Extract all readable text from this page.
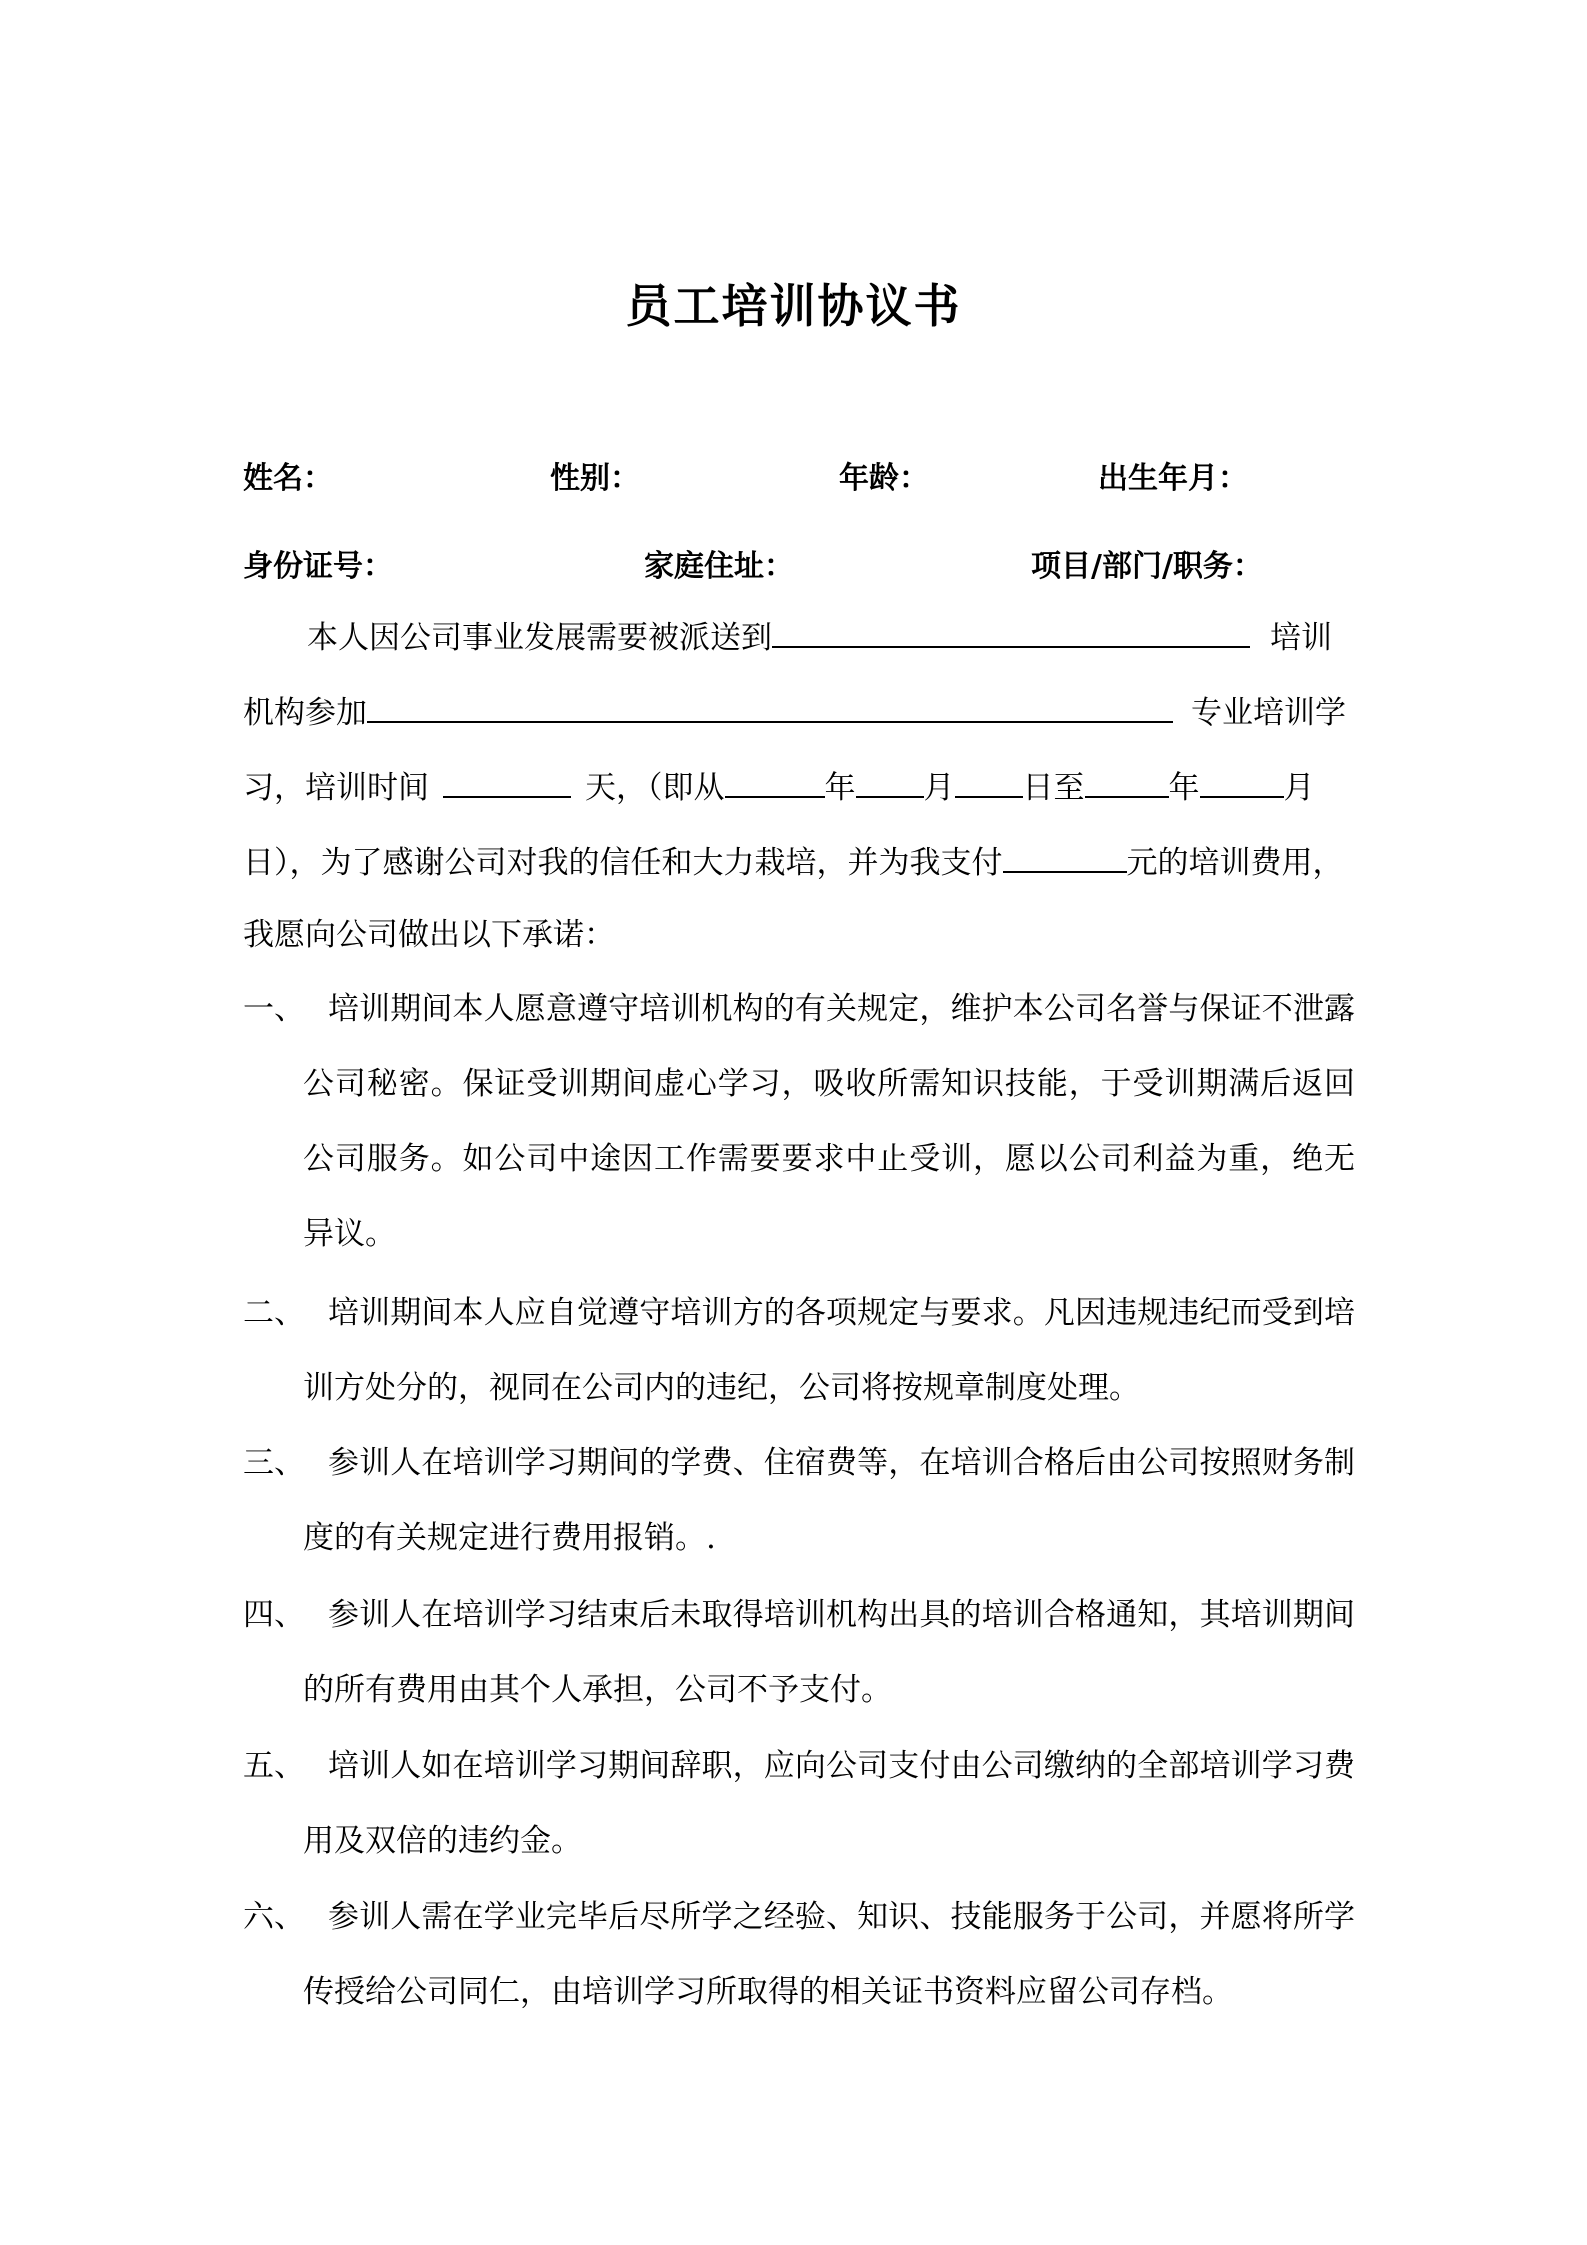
员工培训协议书
姓名：	性别：	年龄：	出生年月：
身份证号：	家庭住址：	项目/部门/职务：
本人因公司事业发展需要被派送到	培训
机构参加	专业培训学
习，培训时间	天，（即从	年 月 日至	年	月
日），为了感谢公司对我的信任和大力栽培，并为我支付	元的培训费用，
我愿向公司做出以下承诺：
一、 培训期间本人愿意遵守培训机构的有关规定，维护本公司名誉与保证不泄露公司秘密。保证受训期间虚心学习，吸收所需知识技能，于受训期满后返回公司服务。如公司中途因工作需要要求中止受训，愿以公司利益为重，绝无异议。
二、 培训期间本人应自觉遵守培训方的各项规定与要求。凡因违规违纪而受到培训方处分的，视同在公司内的违纪，公司将按规章制度处理。
三、 参训人在培训学习期间的学费、住宿费等，在培训合格后由公司按照财务制度的有关规定进行费用报销。.
四、 参训人在培训学习结束后未取得培训机构出具的培训合格通知，其培训期间的所有费用由其个人承担，公司不予支付。
五、 培训人如在培训学习期间辞职，应向公司支付由公司缴纳的全部培训学习费用及双倍的违约金。
六、 参训人需在学业完毕后尽所学之经验、知识、技能服务于公司，并愿将所学传授给公司同仁，由培训学习所取得的相关证书资料应留公司存档。
